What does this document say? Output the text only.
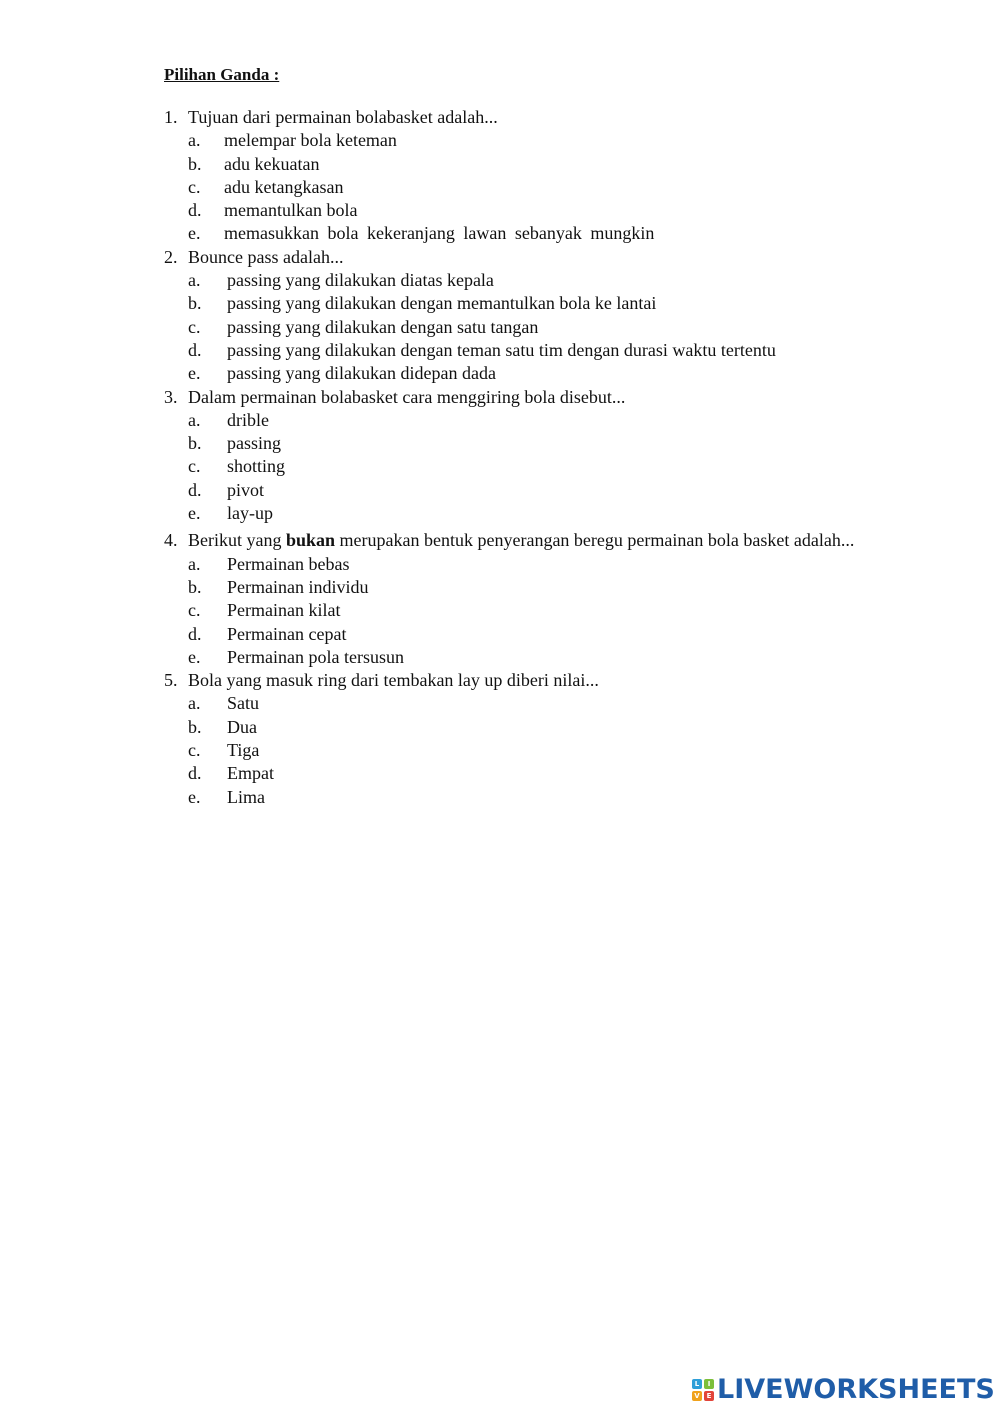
Pilihan Ganda :
1. Tujuan dari permainan bolabasket adalah...
a.	melempar bola keteman
b.	adu kekuatan
c.	adu ketangkasan
d.	memantulkan bola
e.	memasukkan bola kekeranjang lawan sebanyak mungkin
2. Bounce pass adalah...
a.	passing yang dilakukan diatas kepala
b.	passing yang dilakukan dengan memantulkan bola ke lantai
c.	passing yang dilakukan dengan satu tangan
d.	passing yang dilakukan dengan teman satu tim dengan durasi waktu tertentu
e.	passing yang dilakukan didepan dada
3. Dalam permainan bolabasket cara menggiring bola disebut...
a.	drible
b.	passing
c.	shotting
d.	pivot
e.	lay-up
4. Berikut yang bukan merupakan bentuk penyerangan beregu permainan bola basket adalah...
a.	Permainan bebas
b.	Permainan individu
c.	Permainan kilat
d.	Permainan cepat
e.	Permainan pola tersusun
5. Bola yang masuk ring dari tembakan lay up diberi nilai...
a.	Satu
b.	Dua
c.	Tiga
d.	Empat
e.	Lima
L	I
V E LIVEWORKSHEETS
